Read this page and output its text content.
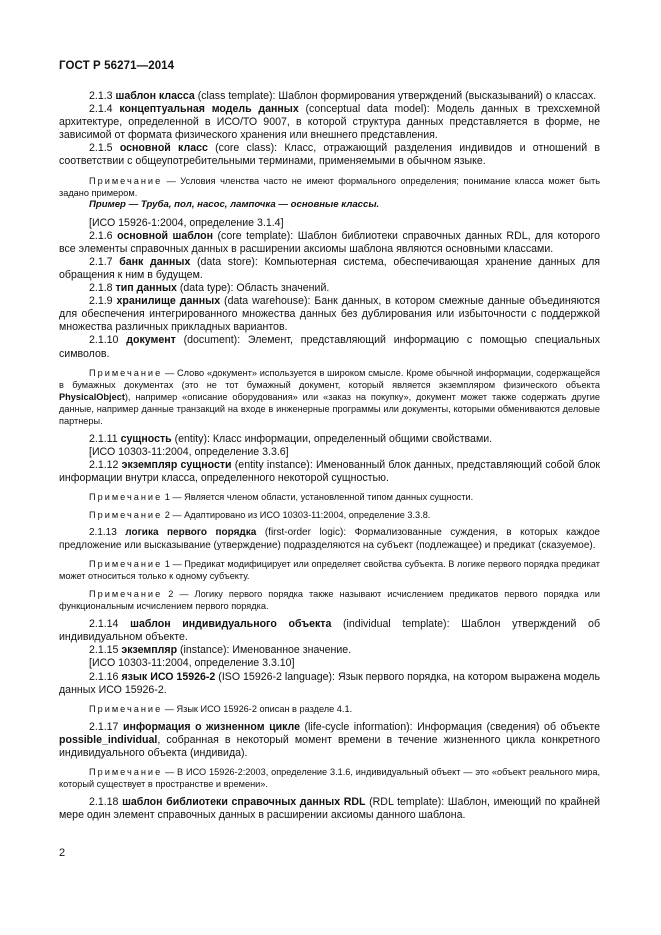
ГОСТ Р 56271—2014

2.1.3 шаблон класса (class template): Шаблон формирования утверждений (высказываний) о классах.

2.1.4 концептуальная модель данных (conceptual data model): Модель данных в трехсхемной архитектуре, определенной в ИСО/ТО 9007, в которой структура данных представляется в форме, не зависимой от формата физического хранения или внешнего представления.

2.1.5 основной класс (core class): Класс, отражающий разделения индивидов и отношений в соответствии с общеупотребительными терминами, применяемыми в обычном языке.

Примечание — Условия членства часто не имеют формального определения; понимание класса может быть задано примером.

Пример — Труба, пол, насос, лампочка — основные классы.

[ИСО 15926-1:2004, определение 3.1.4]

2.1.6 основной шаблон (core template): Шаблон библиотеки справочных данных RDL, для которого все элементы справочных данных в расширении аксиомы шаблона являются основными классами.

2.1.7 банк данных (data store): Компьютерная система, обеспечивающая хранение данных для обращения к ним в будущем.

2.1.8 тип данных (data type): Область значений.

2.1.9 хранилище данных (data warehouse): Банк данных, в котором смежные данные объединяются для обеспечения интегрированного множества данных без дублирования или избыточности с поддержкой множества различных прикладных вариантов.

2.1.10 документ (document): Элемент, представляющий информацию с помощью специальных символов.

Примечание — Слово «документ» используется в широком смысле. Кроме обычной информации, содержащейся в бумажных документах (это не тот бумажный документ, который является экземпляром физического объекта PhysicalObject), например «описание оборудования» или «заказ на покупку», документ может также содержать другие данные, например данные транзакций на входе в инженерные программы или документы, которыми обмениваются деловые партнеры.

2.1.11 сущность (entity): Класс информации, определенный общими свойствами.

[ИСО 10303-11:2004, определение 3.3.6]

2.1.12 экземпляр сущности (entity instance): Именованный блок данных, представляющий собой блок информации внутри класса, определенного некоторой сущностью.

Примечание 1 — Является членом области, установленной типом данных сущности.

Примечание 2 — Адаптировано из ИСО 10303-11:2004, определение 3.3.8.

2.1.13 логика первого порядка (first-order logic): Формализованные суждения, в которых каждое предложение или высказывание (утверждение) подразделяются на субъект (подлежащее) и предикат (сказуемое).

Примечание 1 — Предикат модифицирует или определяет свойства субъекта. В логике первого порядка предикат может относиться только к одному субъекту.

Примечание 2 — Логику первого порядка также называют исчислением предикатов первого порядка или функциональным исчислением первого порядка.

2.1.14 шаблон индивидуального объекта (individual template): Шаблон утверждений об индивидуальном объекте.

2.1.15 экземпляр (instance): Именованное значение.

[ИСО 10303-11:2004, определение 3.3.10]

2.1.16 язык ИСО 15926-2 (ISO 15926-2 language): Язык первого порядка, на котором выражена модель данных ИСО 15926-2.

Примечание — Язык ИСО 15926-2 описан в разделе 4.1.

2.1.17 информация о жизненном цикле (life-cycle information): Информация (сведения) об объекте possible_individual, собранная в некоторый момент времени в течение жизненного цикла конкретного индивидуального объекта (индивида).

Примечание — В ИСО 15926-2:2003, определение 3.1.6, индивидуальный объект — это «объект реального мира, который существует в пространстве и времени».

2.1.18 шаблон библиотеки справочных данных RDL (RDL template): Шаблон, имеющий по крайней мере один элемент справочных данных в расширении аксиомы данного шаблона.

2
